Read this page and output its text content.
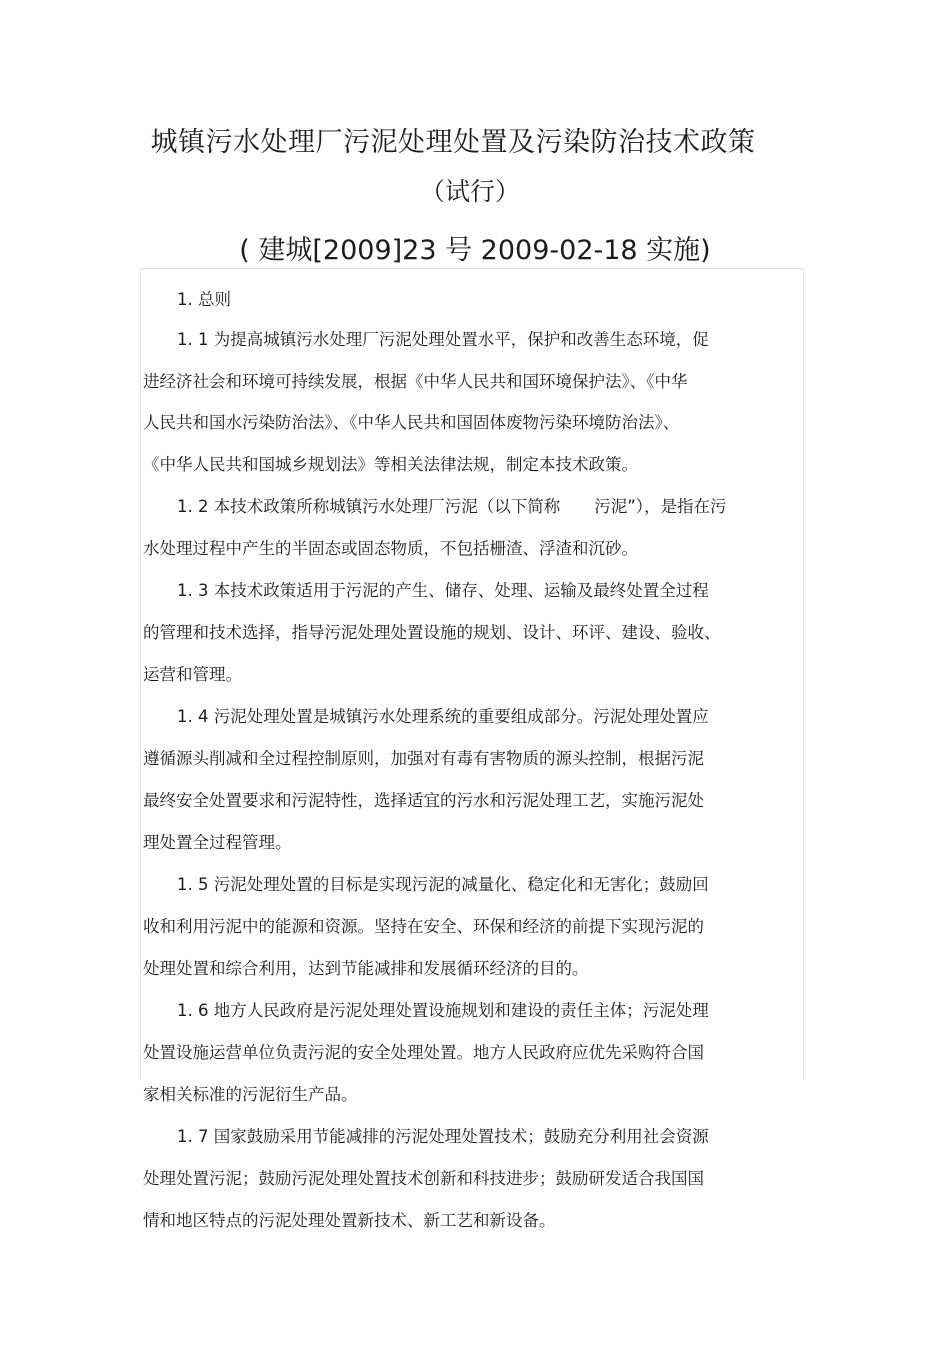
城镇污水处理厂污泥处理处置及污染防治技术政策
（试行）
( 建城[2009]23 号 2009-02-18 实施)
1. 总则
1. 1 为提高城镇污水处理厂污泥处理处置水平，保护和改善生态环境，促
进经济社会和环境可持续发展，根据《中华人民共和国环境保护法》、《中华
人民共和国水污染防治法》、《中华人民共和国固体废物污染环境防治法》、
《中华人民共和国城乡规划法》等相关法律法规，制定本技术政策。
1. 2 本技术政策所称城镇污水处理厂污泥（以下简称 污泥”），是指在污
水处理过程中产生的半固态或固态物质，不包括栅渣、浮渣和沉砂。
1. 3 本技术政策适用于污泥的产生、储存、处理、运输及最终处置全过程
的管理和技术选择，指导污泥处理处置设施的规划、设计、环评、建设、验收、
运营和管理。
1. 4 污泥处理处置是城镇污水处理系统的重要组成部分。污泥处理处置应
遵循源头削减和全过程控制原则，加强对有毒有害物质的源头控制，根据污泥
最终安全处置要求和污泥特性，选择适宜的污水和污泥处理工艺，实施污泥处
理处置全过程管理。
1. 5 污泥处理处置的目标是实现污泥的减量化、稳定化和无害化；鼓励回
收和利用污泥中的能源和资源。坚持在安全、环保和经济的前提下实现污泥的
处理处置和综合利用，达到节能减排和发展循环经济的目的。
1. 6 地方人民政府是污泥处理处置设施规划和建设的责任主体；污泥处理
处置设施运营单位负责污泥的安全处理处置。地方人民政府应优先采购符合国
家相关标准的污泥衍生产品。
1. 7 国家鼓励采用节能减排的污泥处理处置技术；鼓励充分利用社会资源
处理处置污泥；鼓励污泥处理处置技术创新和科技进步；鼓励研发适合我国国
情和地区特点的污泥处理处置新技术、新工艺和新设备。
